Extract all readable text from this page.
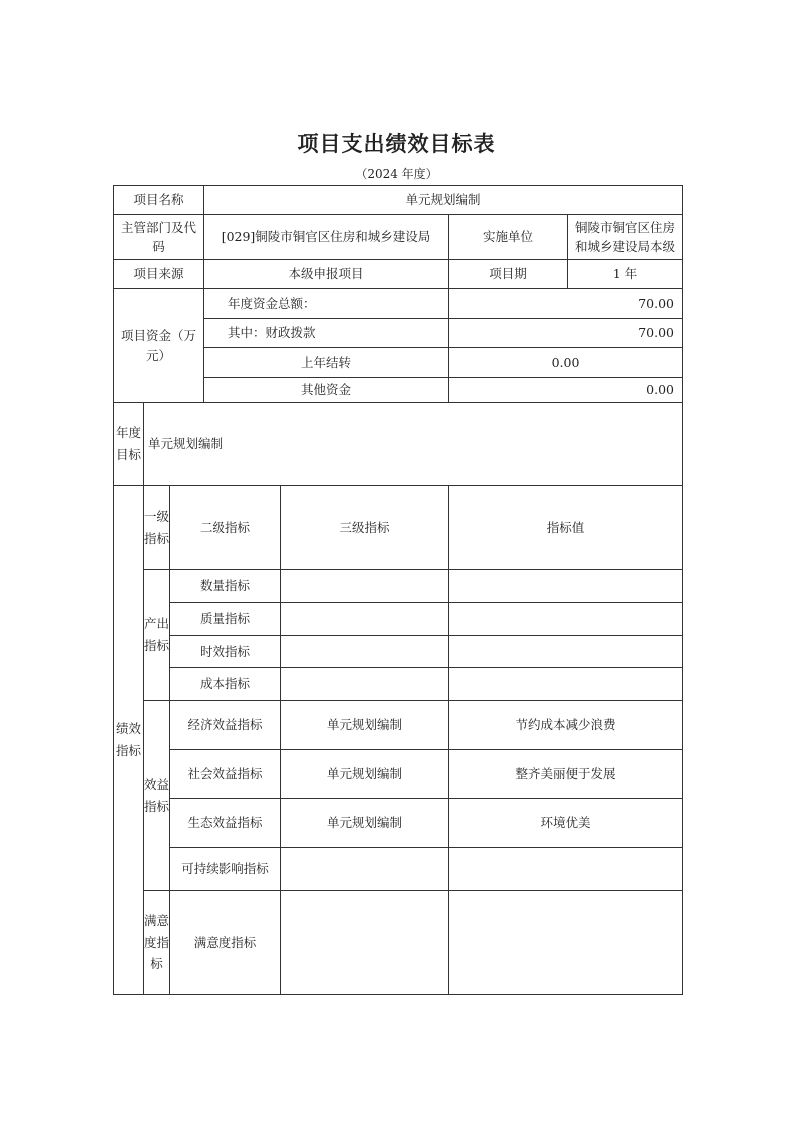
项目支出绩效目标表
（2024 年度）
项目名称			单元规划编制			
主管部门及代码			[029]铜陵市铜官区住房和城乡建设局		实施单位	铜陵市铜官区住房和城乡建设局本级
项目来源			本级申报项目		项目期	1 年
项目资金（万元）			年度资金总额：		70.00	
			其中：财政拨款		70.00	
			上年结转		0.00	
			其他资金		0.00	
年度目标	单元规划编制					
绩效指标	一级指标	二级指标		三级指标	指标值	
	产出指标	数量指标				
		质量指标				
		时效指标				
		成本指标				
	效益指标	经济效益指标		单元规划编制	节约成本减少浪费	
		社会效益指标		单元规划编制	整齐美丽便于发展	
		生态效益指标		单元规划编制	环境优美	
		可持续影响指标				
	满意度指标	满意度指标				
